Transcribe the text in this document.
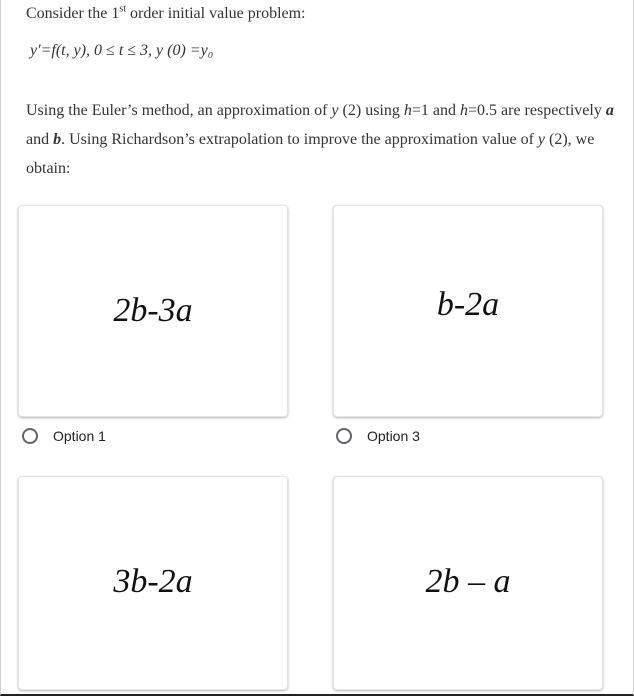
Consider the 1st order initial value problem:
y′=f(t, y), 0 ≤ t ≤ 3, y (0) =y₀
Using the Euler’s method, an approximation of y (2) using h=1 and h=0.5 are respectively a and b. Using Richardson’s extrapolation to improve the approximation value of y (2), we obtain:
2b-3a
Option 1
b-2a
Option 3
3b-2a	2b – a
